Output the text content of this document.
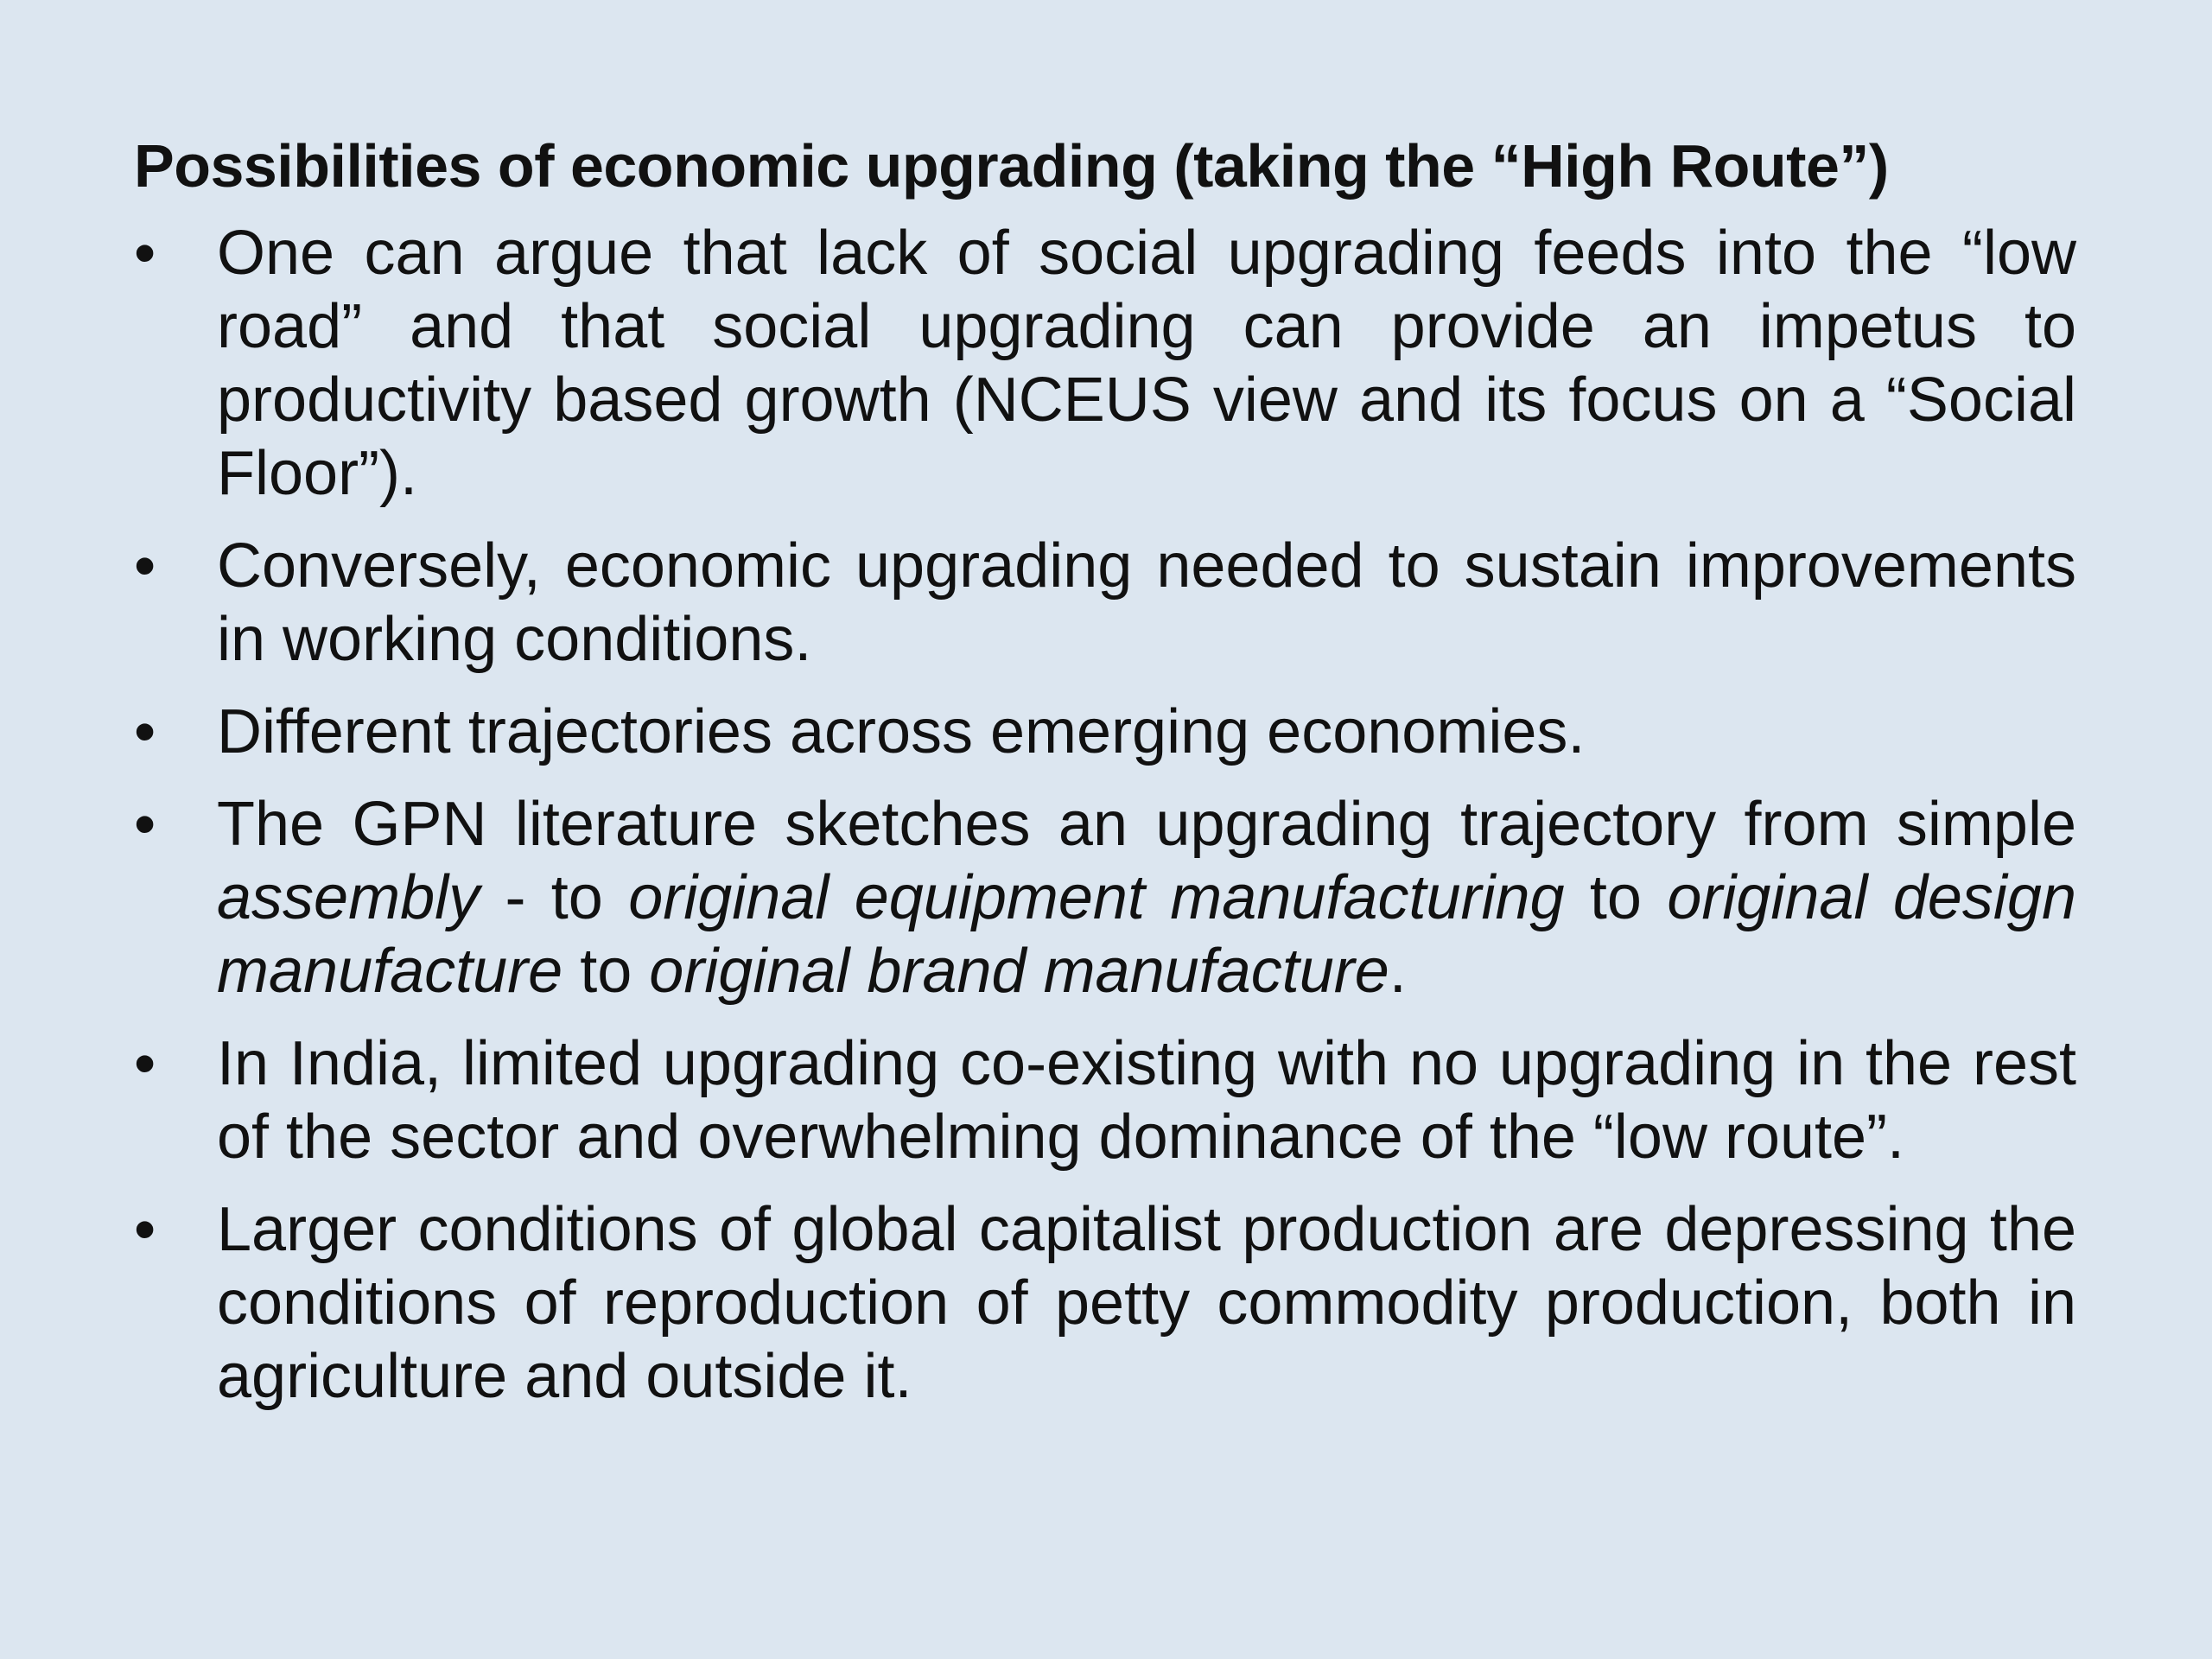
Possibilities of economic upgrading (taking the “High Route”)
• One can argue that lack of social upgrading feeds into the “low road” and that social upgrading can provide an impetus to productivity based growth (NCEUS view and its focus on a “Social Floor”).
• Conversely, economic upgrading needed to sustain improvements in working conditions.
• Different trajectories across emerging economies.
• The GPN literature sketches an upgrading trajectory from simple assembly - to original equipment manufacturing to original design manufacture to original brand manufacture.
• In India, limited upgrading co-existing with no upgrading in the rest of the sector and overwhelming dominance of the “low route”.
• Larger conditions of global capitalist production are depressing the conditions of reproduction of petty commodity production, both in agriculture and outside it.
